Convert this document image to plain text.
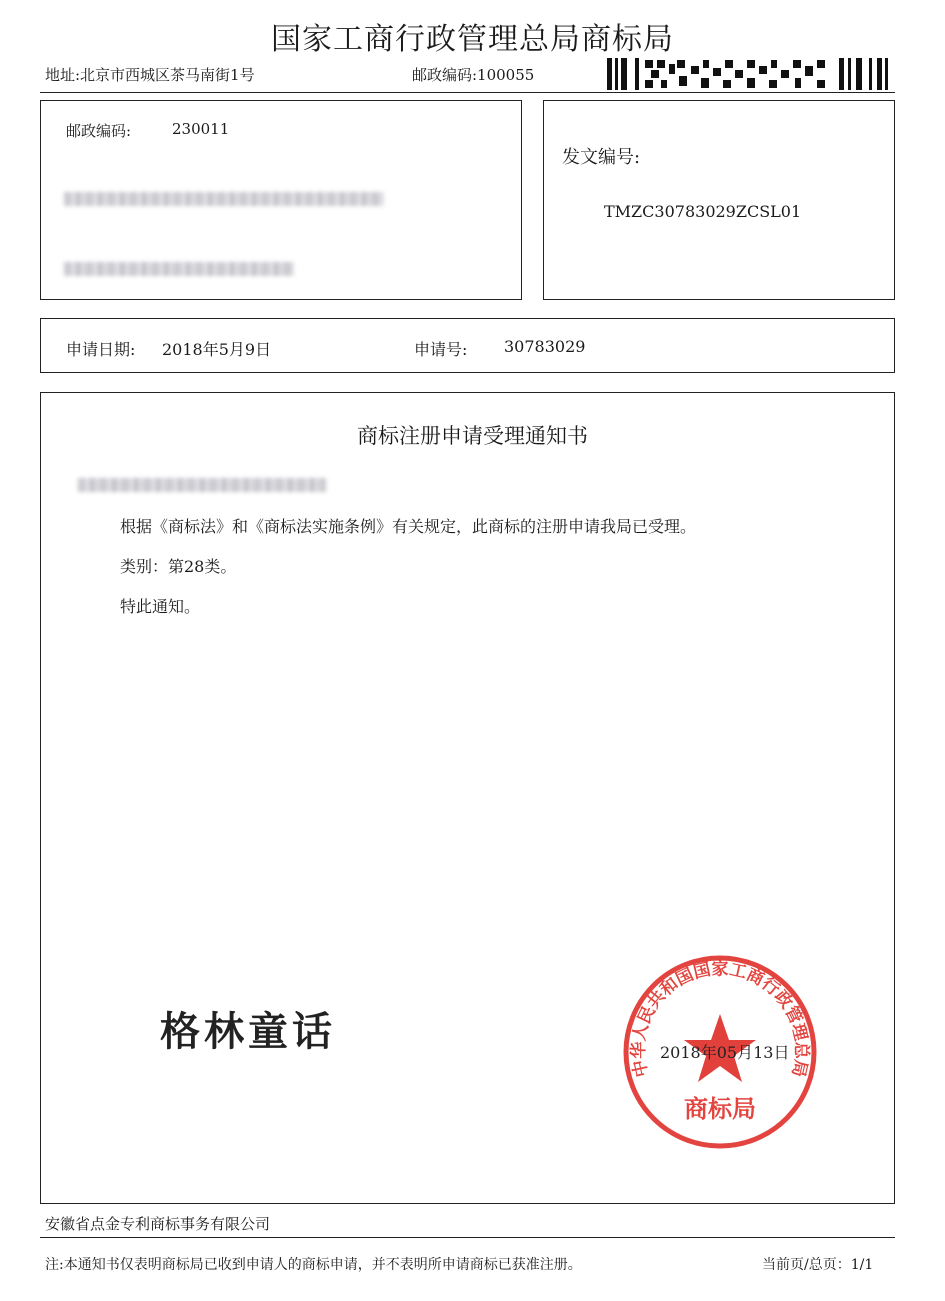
国家工商行政管理总局商标局
地址:北京市西城区茶马南街1号	邮政编码:100055
邮政编码:	230011
发文编号:
TMZC30783029ZCSL01
申请日期: 2018年5月9日	申请号: 30783029
商标注册申请受理通知书
根据《商标法》和《商标法实施条例》有关规定，此商标的注册申请我局已受理。
类别：第28类。
特此通知。
格林童话
中华人民共和国国家工商行政管理总局
商标局
2018年05月13日
安徽省点金专利商标事务有限公司
注:本通知书仅表明商标局已收到申请人的商标申请，并不表明所申请商标已获准注册。	当前页/总页：1/1
